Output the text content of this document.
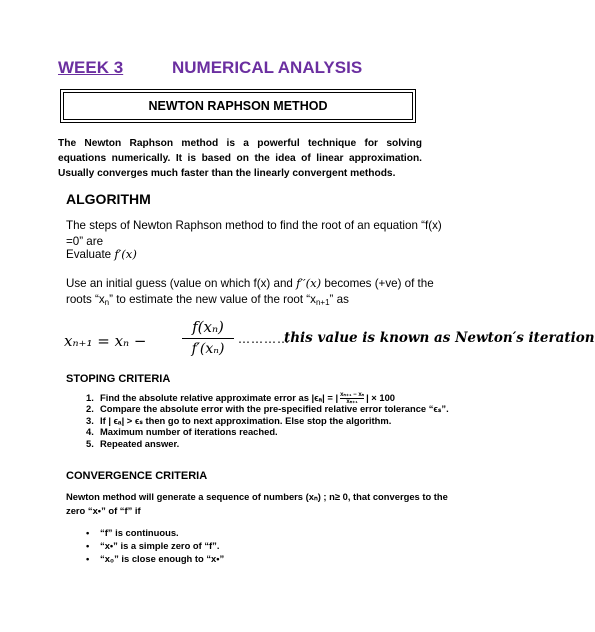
WEEK 3	NUMERICAL ANALYSIS
NEWTON RAPHSON METHOD
The Newton Raphson method is a powerful technique for solving equations numerically. It is based on the idea of linear approximation. Usually converges much faster than the linearly convergent methods.
ALGORITHM
The steps of Newton Raphson method to find the root of an equation “f(x) =0” are
Evaluate f′(x)
Use an initial guess (value on which f(x) and f′′(x) becomes (+ve) of the roots “$x_n$” to estimate the new value of the root “$x_{n+1}$” as
$x_{n+1} = x_n - \frac{\text{f(xₙ)}}{\text{f′(xₙ)}}$ …………
this value is known as Newton′s iteration
STOPING CRITERIA
1. Find the absolute relative approximate error as |ϵₐ| = | $\frac{\text{xₙ₊₁ − xₙ}}{\text{xₙ₊₁}}$ | × 100
2. Compare the absolute error with the pre-specified relative error tolerance “ϵₛ”.
3. If | ϵₐ| > ϵₛ then go to next approximation. Else stop the algorithm.
4. Maximum number of iterations reached.
5. Repeated answer.
CONVERGENCE CRITERIA
Newton method will generate a sequence of numbers (xₙ) ; n≥ 0, that converges to the zero “x•” of “f” if
• “f” is continuous.
• “x•” is a simple zero of “f”.
• “x₀” is close enough to “x•”
